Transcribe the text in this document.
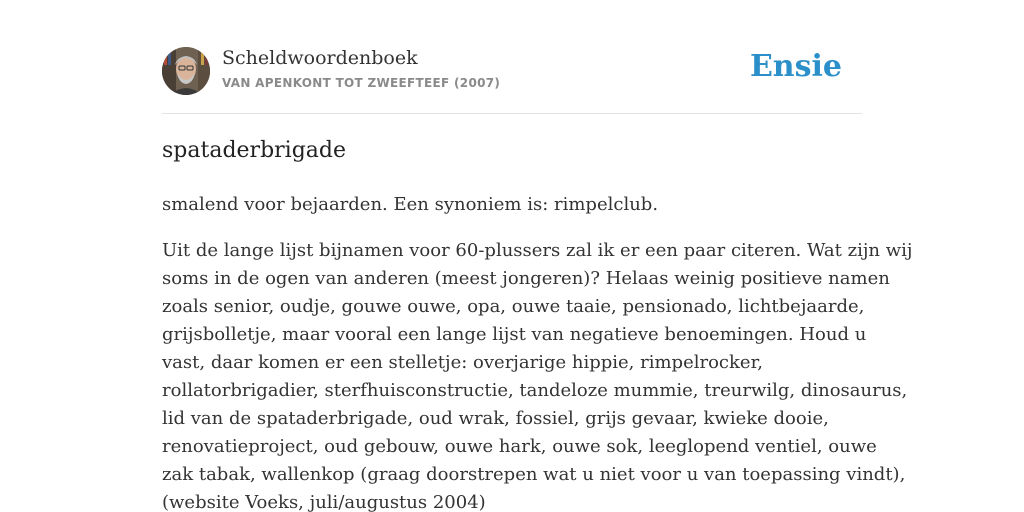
Scheldwoordenboek
VAN APENKONT TOT ZWEEFTEEF (2007)	Ensie
spataderbrigade

smalend voor bejaarden. Een synoniem is: rimpelclub.

Uit de lange lijst bijnamen voor 60-plussers zal ik er een paar citeren. Wat zijn wij
soms in de ogen van anderen (meest jongeren)? Helaas weinig positieve namen
zoals senior, oudje, gouwe ouwe, opa, ouwe taaie, pensionado, lichtbejaarde,
grijsbolletje, maar vooral een lange lijst van negatieve benoemingen. Houd u
vast, daar komen er een stelletje: overjarige hippie, rimpelrocker,
rollatorbrigadier, sterfhuisconstructie, tandeloze mummie, treurwilg, dinosaurus,
lid van de spataderbrigade, oud wrak, fossiel, grijs gevaar, kwieke dooie,
renovatieproject, oud gebouw, ouwe hark, ouwe sok, leeglopend ventiel, ouwe
zak tabak, wallenkop (graag doorstrepen wat u niet voor u van toepassing vindt),
(website Voeks, juli/augustus 2004)
